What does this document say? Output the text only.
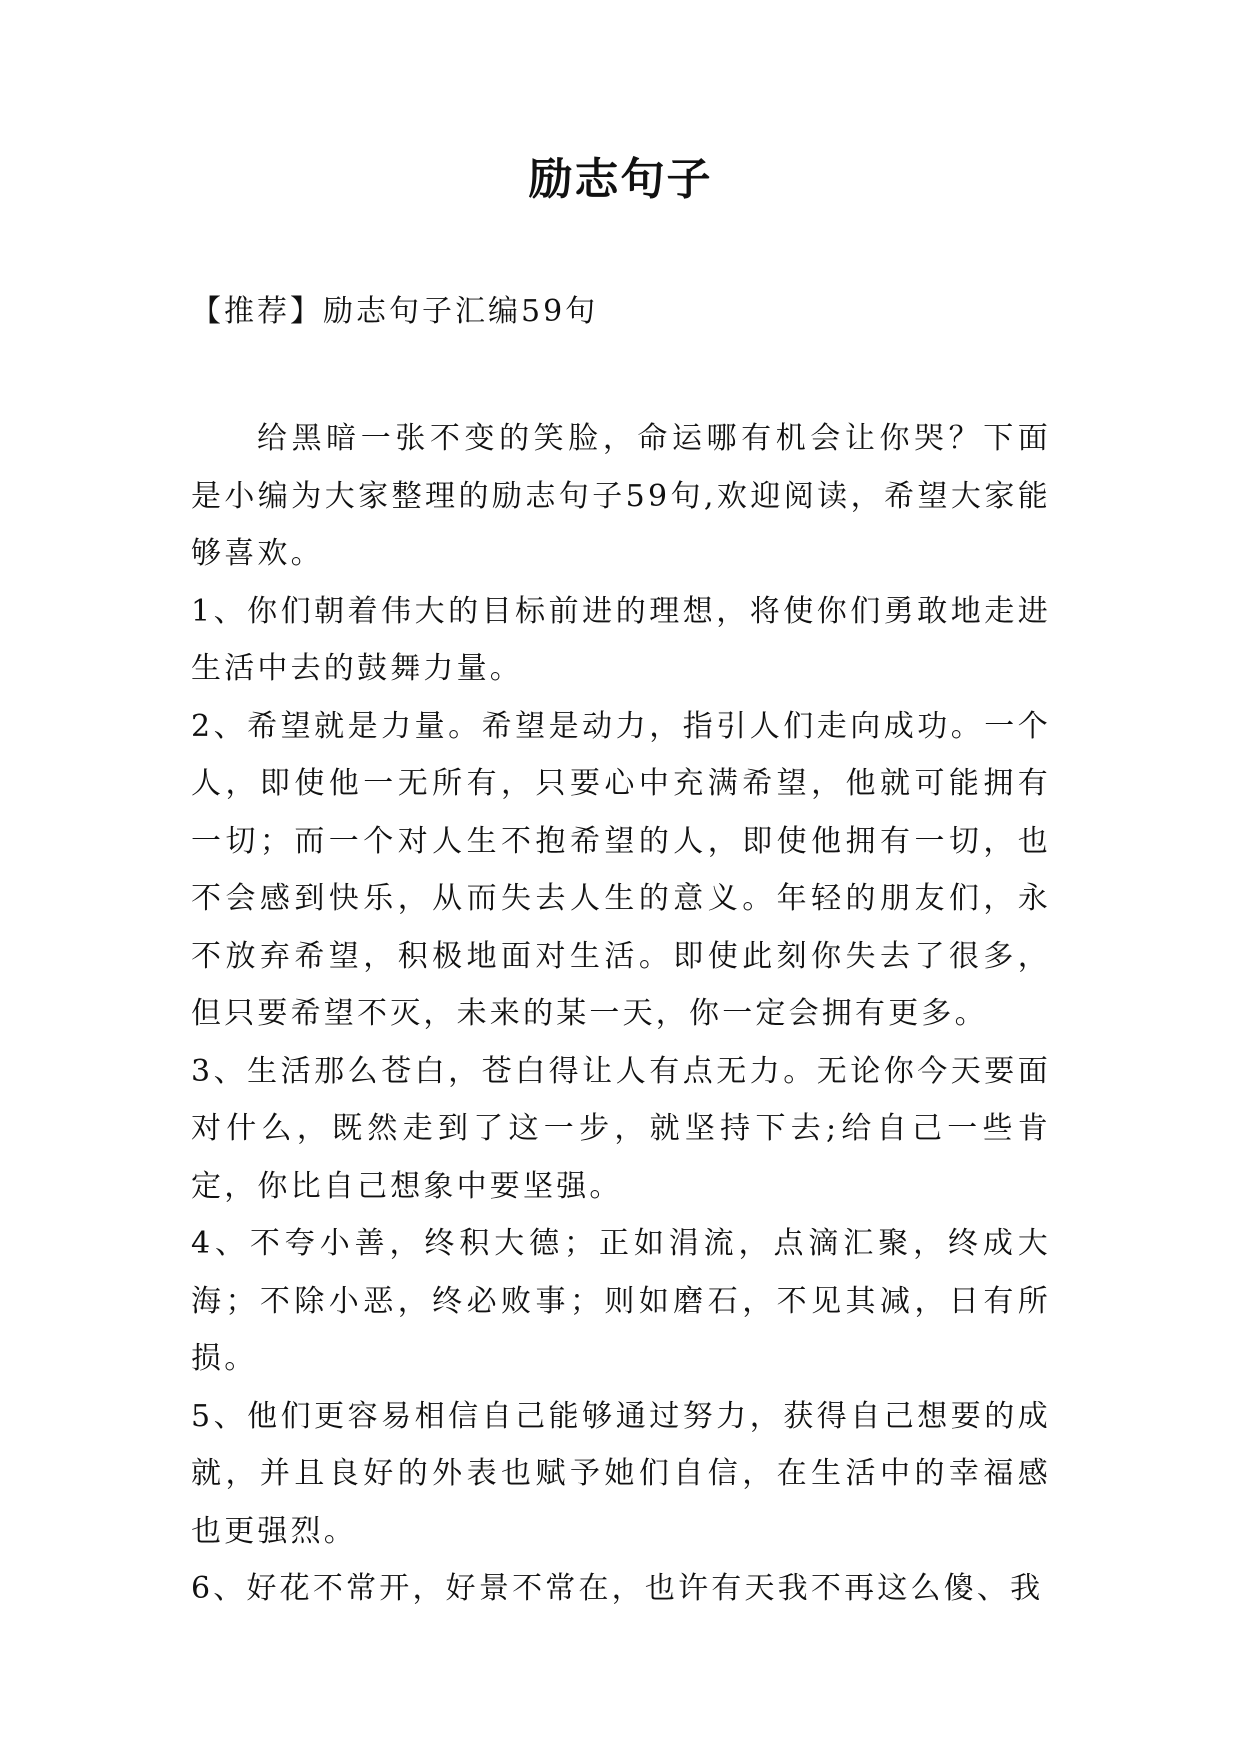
励志句子

【推荐】励志句子汇编59句

给黑暗一张不变的笑脸，命运哪有机会让你哭？下面是小编为大家整理的励志句子59句,欢迎阅读，希望大家能够喜欢。

1、你们朝着伟大的目标前进的理想，将使你们勇敢地走进生活中去的鼓舞力量。

2、希望就是力量。希望是动力，指引人们走向成功。一个人，即使他一无所有，只要心中充满希望，他就可能拥有一切；而一个对人生不抱希望的人，即使他拥有一切，也不会感到快乐，从而失去人生的意义。年轻的朋友们，永不放弃希望，积极地面对生活。即使此刻你失去了很多，但只要希望不灭，未来的某一天，你一定会拥有更多。

3、生活那么苍白，苍白得让人有点无力。无论你今天要面对什么，既然走到了这一步，就坚持下去;给自己一些肯定，你比自己想象中要坚强。

4、不夸小善，终积大德；正如涓流，点滴汇聚，终成大海；不除小恶，终必败事；则如磨石，不见其减，日有所损。

5、他们更容易相信自己能够通过努力，获得自己想要的成就，并且良好的外表也赋予她们自信，在生活中的幸福感也更强烈。

6、好花不常开，好景不常在，也许有天我不再这么傻、我
